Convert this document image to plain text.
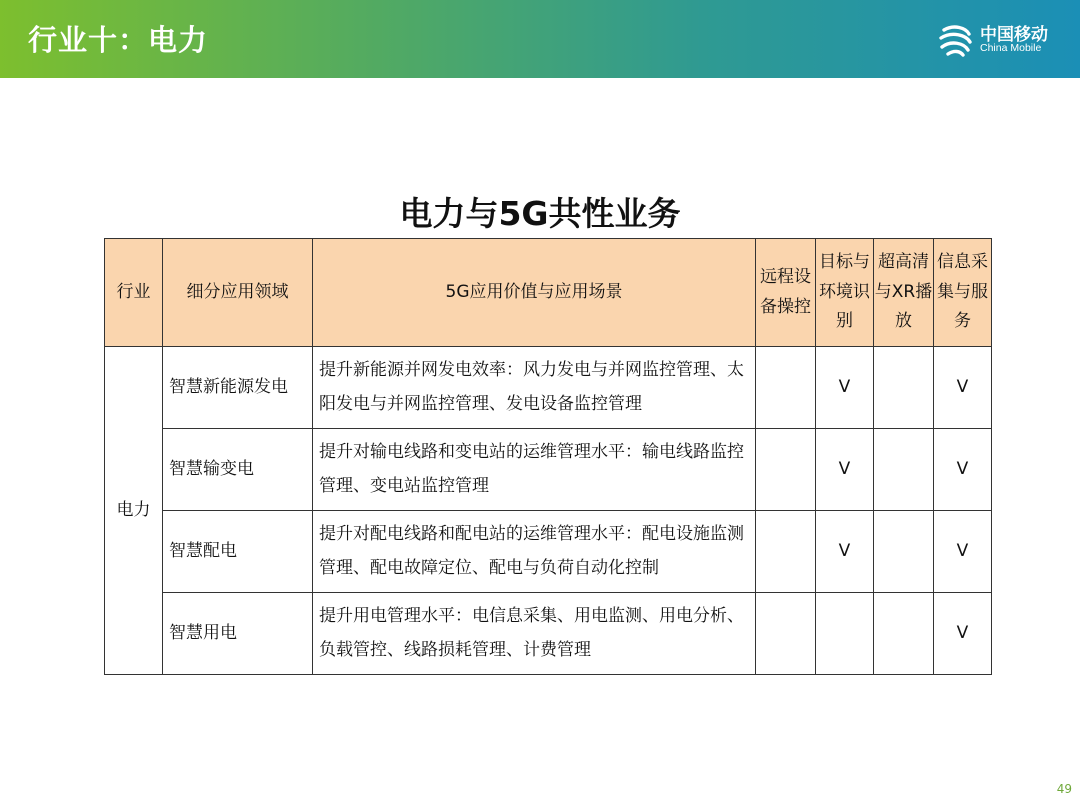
行业十：电力	中国移动
China Mobile
电力与5G共性业务
行业	细分应用领域	5G应用价值与应用场景	远程设备操控	目标与环境识别	超高清与XR播放	信息采集与服务
电力	智慧新能源发电	提升新能源并网发电效率：风力发电与并网监控管理、太阳发电与并网监控管理、发电设备监控管理		V		V
	智慧输变电	提升对输电线路和变电站的运维管理水平：输电线路监控管理、变电站监控管理		V		V
	智慧配电	提升对配电线路和配电站的运维管理水平：配电设施监测管理、配电故障定位、配电与负荷自动化控制		V		V
	智慧用电	提升用电管理水平：电信息采集、用电监测、用电分析、负载管控、线路损耗管理、计费管理				V
49
